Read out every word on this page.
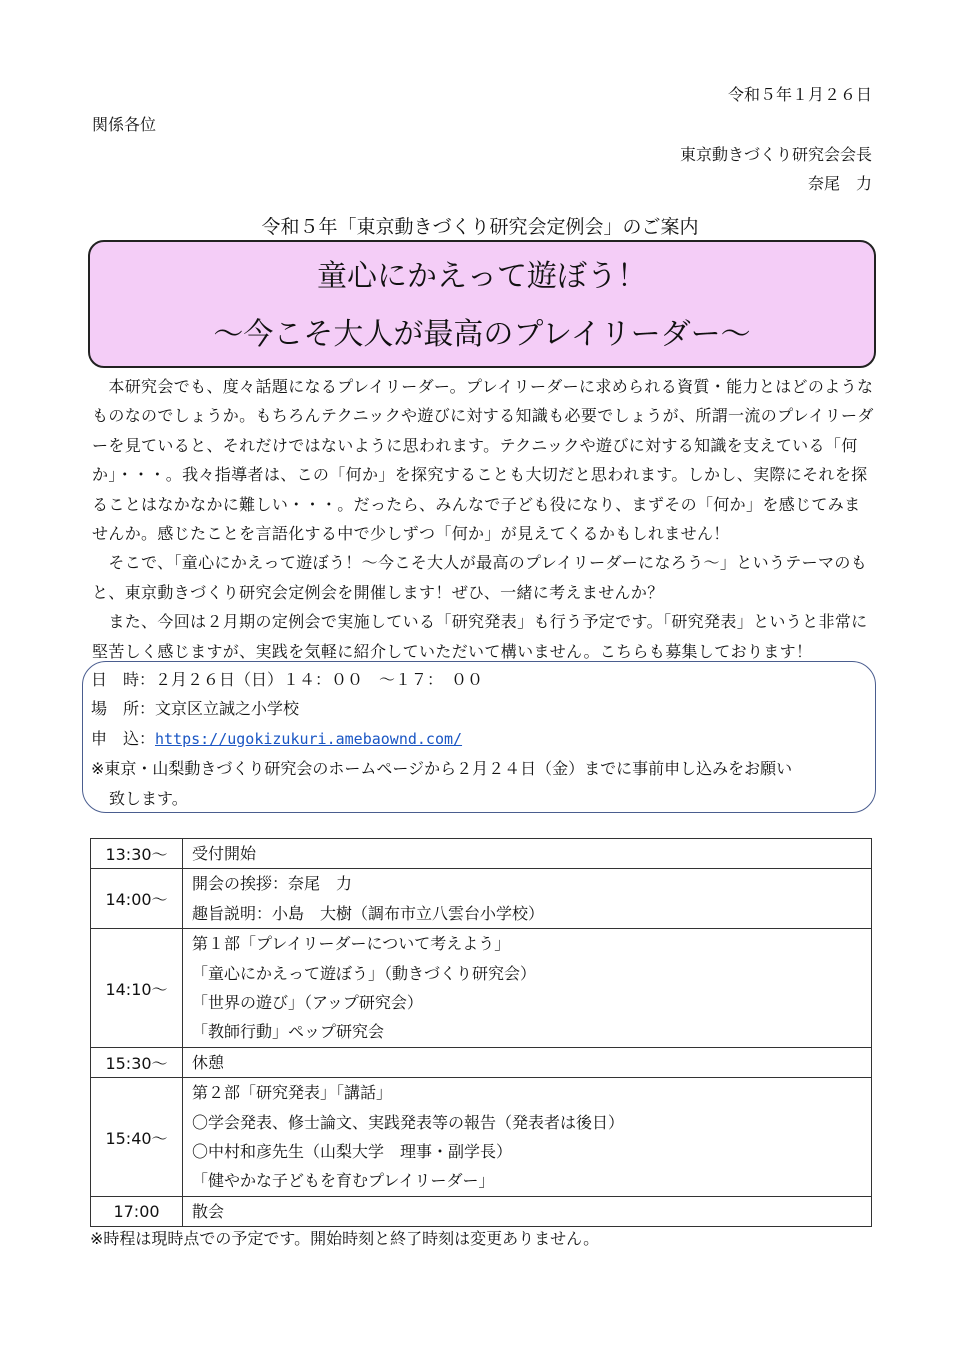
令和５年１月２６日
関係各位
東京動きづくり研究会会長
奈尾　力
令和５年「東京動きづくり研究会定例会」のご案内
童心にかえって遊ぼう！
～今こそ大人が最高のプレイリーダー～

　本研究会でも、度々話題になるプレイリーダー。プレイリーダーに求められる資質・能力とはどのようなものなのでしょうか。もちろんテクニックや遊びに対する知識も必要でしょうが、所謂一流のプレイリーダーを見ていると、それだけではないように思われます。テクニックや遊びに対する知識を支えている「何か」・・・。我々指導者は、この「何か」を探究することも大切だと思われます。しかし、実際にそれを探ることはなかなかに難しい・・・。だったら、みんなで子ども役になり、まずその「何か」を感じてみませんか。感じたことを言語化する中で少しずつ「何か」が見えてくるかもしれません！

　そこで、「童心にかえって遊ぼう！～今こそ大人が最高のプレイリーダーになろう～」というテーマのもと、東京動きづくり研究会定例会を開催します！ぜひ、一緒に考えませんか？

　また、今回は２月期の定例会で実施している「研究発表」も行う予定です。「研究発表」というと非常に堅苦しく感じますが、実践を気軽に紹介していただいて構いません。こちらも募集しております！

日　時：２月２６日（日）１４：００　～１７：　００
場　所：文京区立誠之小学校
申　込：https://ugokizukuri.amebaownd.com/
※東京・山梨動きづくり研究会のホームページから２月２４日（金）までに事前申し込みをお願い
致します。
13:30～	受付開始

14:00～	開会の挨拶：奈尾　力
趣旨説明：小島　大樹（調布市立八雲台小学校）

14:10～	第１部「プレイリーダーについて考えよう」
「童心にかえって遊ぼう」（動きづくり研究会）
「世界の遊び」（アップ研究会）
「教師行動」ペップ研究会

15:30～	休憩

15:40～	第２部「研究発表」「講話」
〇学会発表、修士論文、実践発表等の報告（発表者は後日）
〇中村和彦先生（山梨大学　理事・副学長）
「健やかな子どもを育むプレイリーダー」

17:00	散会
※時程は現時点での予定です。開始時刻と終了時刻は変更ありません。
